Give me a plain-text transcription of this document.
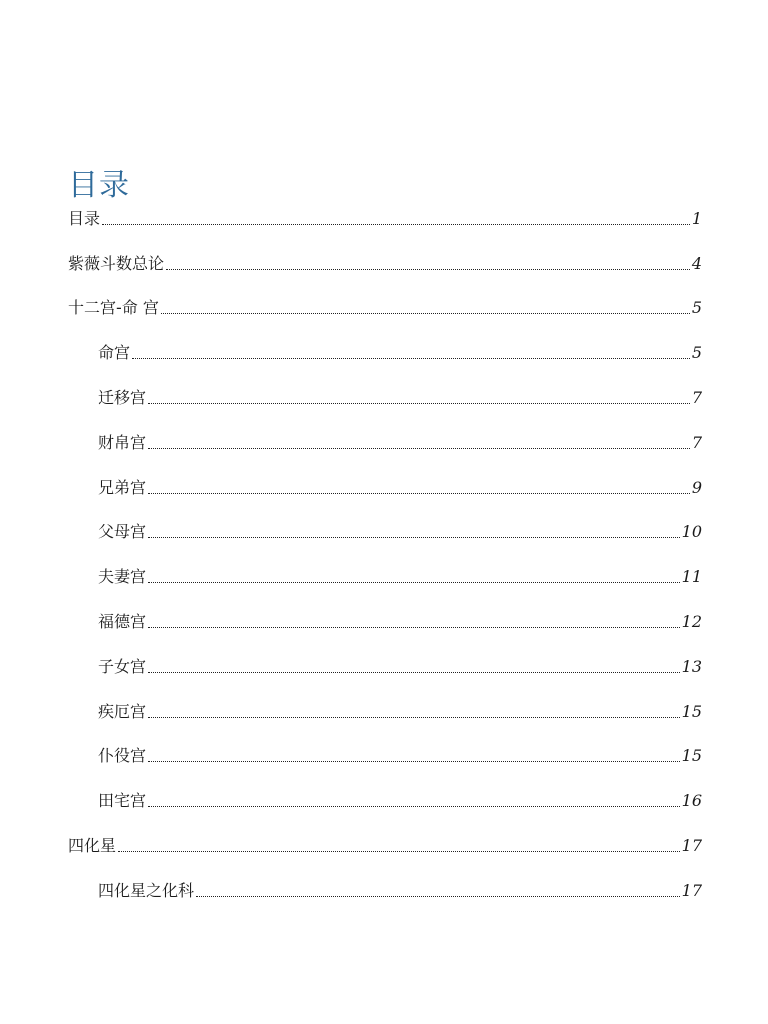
目录
目录	1
紫薇斗数总论	4
十二宫-命 宫	5
命宫	5
迁移宫	7
财帛宫	7
兄弟宫	9
父母宫	10
夫妻宫	11
福德宫	12
子女宫	13
疾厄宫	15
仆役宫	15
田宅宫	16
四化星	17
四化星之化科	17
